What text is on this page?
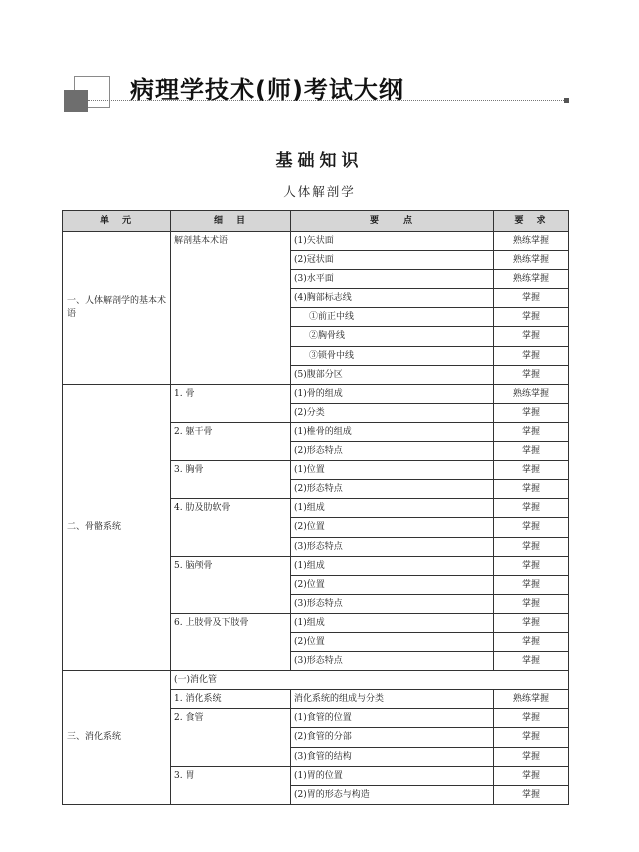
病理学技术(师)考试大纲
基础知识
人体解剖学
单　元	细　目	要　　点	要　求
一、人体解剖学的基本术语	解剖基本术语	(1)矢状面	熟练掌握
		(2)冠状面	熟练掌握
		(3)水平面	熟练掌握
		(4)胸部标志线	掌握
		①前正中线	掌握
		②胸骨线	掌握
		③锁骨中线	掌握
		(5)腹部分区	掌握
二、骨骼系统	1. 骨	(1)骨的组成	熟练掌握
		(2)分类	掌握
	2. 躯干骨	(1)椎骨的组成	掌握
		(2)形态特点	掌握
	3. 胸骨	(1)位置	掌握
		(2)形态特点	掌握
	4. 肋及肋软骨	(1)组成	掌握
		(2)位置	掌握
		(3)形态特点	掌握
	5. 脑颅骨	(1)组成	掌握
		(2)位置	掌握
		(3)形态特点	掌握
	6. 上肢骨及下肢骨	(1)组成	掌握
		(2)位置	掌握
		(3)形态特点	掌握
三、消化系统	(一)消化管		
	1. 消化系统	消化系统的组成与分类	熟练掌握
	2. 食管	(1)食管的位置	掌握
		(2)食管的分部	掌握
		(3)食管的结构	掌握
	3. 胃	(1)胃的位置	掌握
		(2)胃的形态与构造	掌握
